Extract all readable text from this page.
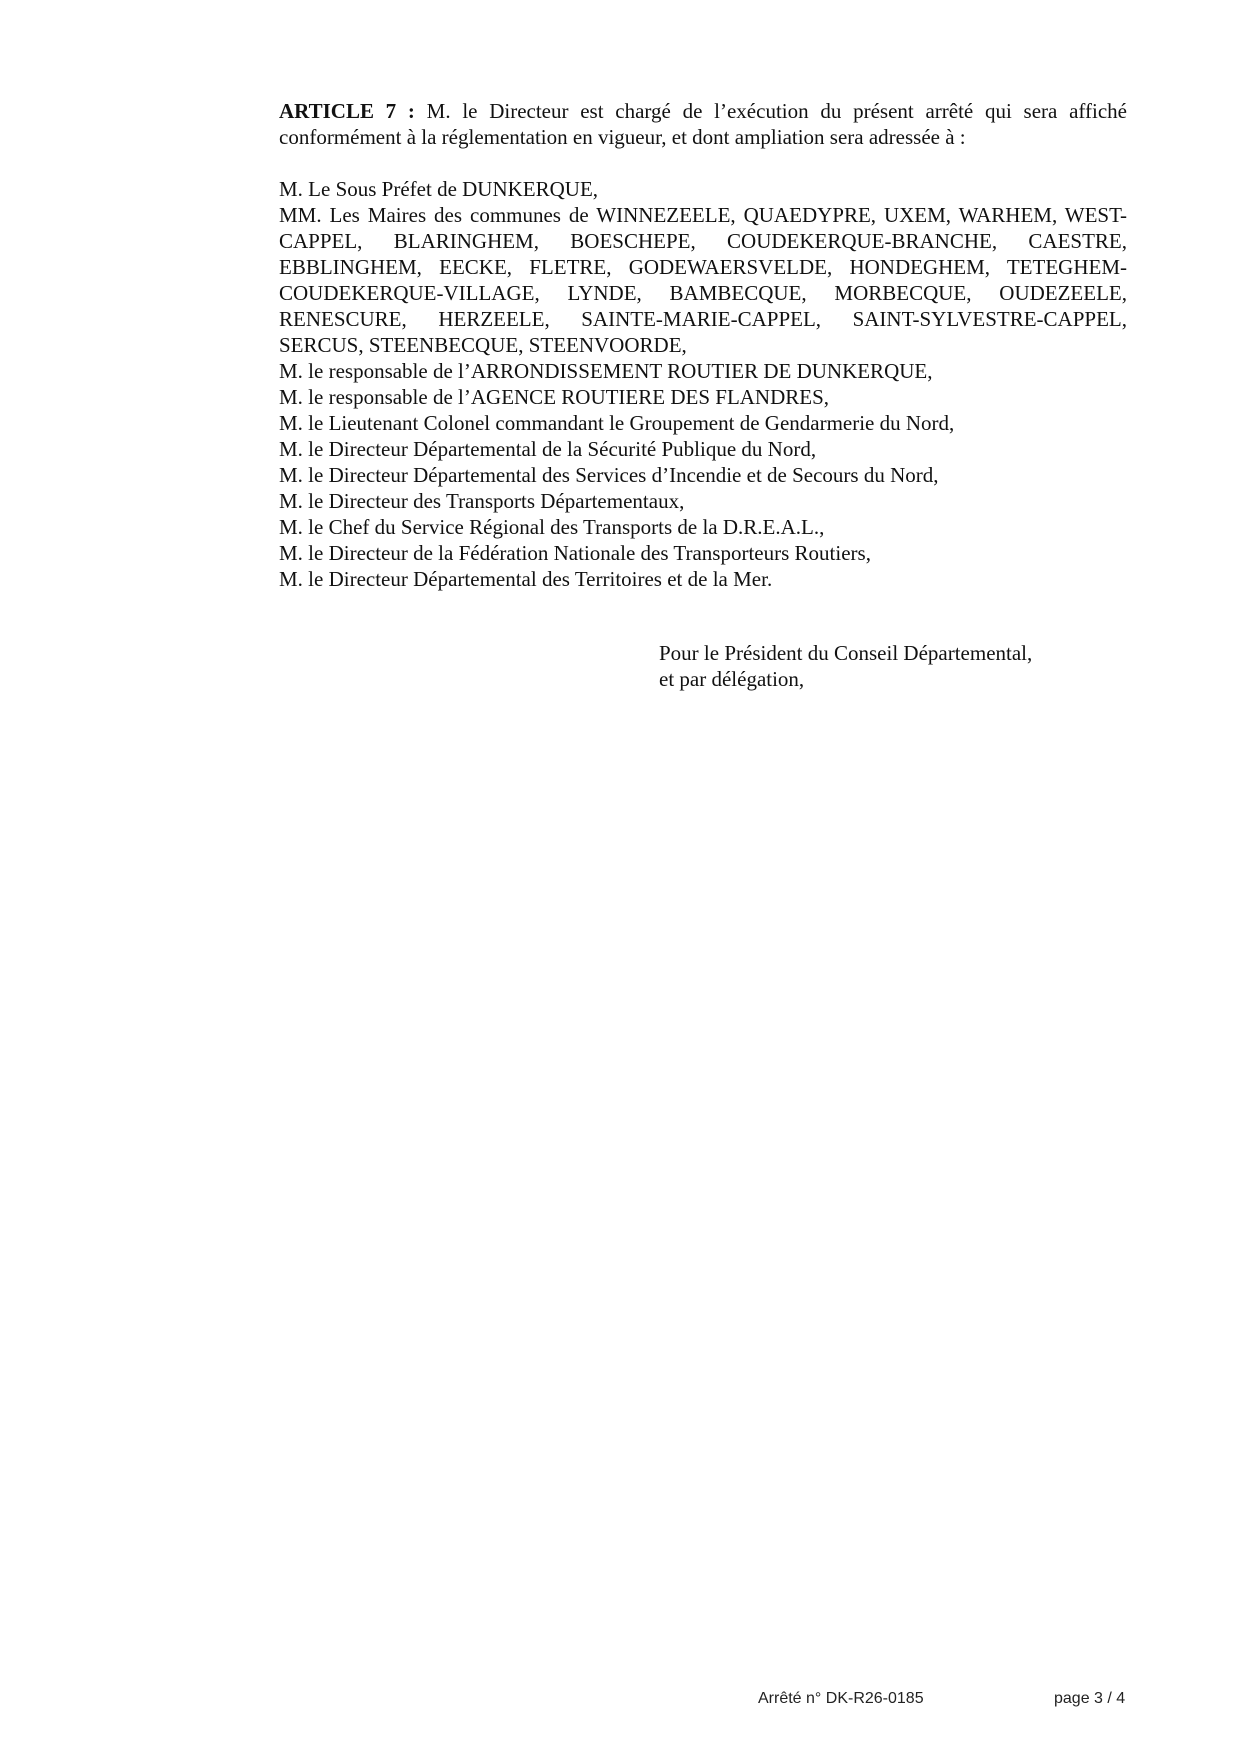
ARTICLE 7 : M. le Directeur est chargé de l’exécution du présent arrêté qui sera affiché conformément à la réglementation en vigueur, et dont ampliation sera adressée à :

M. Le Sous Préfet de DUNKERQUE,
MM. Les Maires des communes de WINNEZEELE, QUAEDYPRE, UXEM, WARHEM, WEST-CAPPEL, BLARINGHEM, BOESCHEPE, COUDEKERQUE-BRANCHE, CAESTRE, EBBLINGHEM, EECKE, FLETRE, GODEWAERSVELDE, HONDEGHEM, TETEGHEM-COUDEKERQUE-VILLAGE, LYNDE, BAMBECQUE, MORBECQUE, OUDEZEELE, RENESCURE, HERZEELE, SAINTE-MARIE-CAPPEL, SAINT-SYLVESTRE-CAPPEL, SERCUS, STEENBECQUE, STEENVOORDE,
M. le responsable de l’ARRONDISSEMENT ROUTIER DE DUNKERQUE,
M. le responsable de l’AGENCE ROUTIERE DES FLANDRES,
M. le Lieutenant Colonel commandant le Groupement de Gendarmerie du Nord,
M. le Directeur Départemental de la Sécurité Publique du Nord,
M. le Directeur Départemental des Services d’Incendie et de Secours du Nord,
M. le Directeur des Transports Départementaux,
M. le Chef du Service Régional des Transports de la D.R.E.A.L.,
M. le Directeur de la Fédération Nationale des Transporteurs Routiers,
M. le Directeur Départemental des Territoires et de la Mer.
Pour le Président du Conseil Départemental,
et par délégation,
Arrêté n° DK-R26-0185	page 3 / 4
